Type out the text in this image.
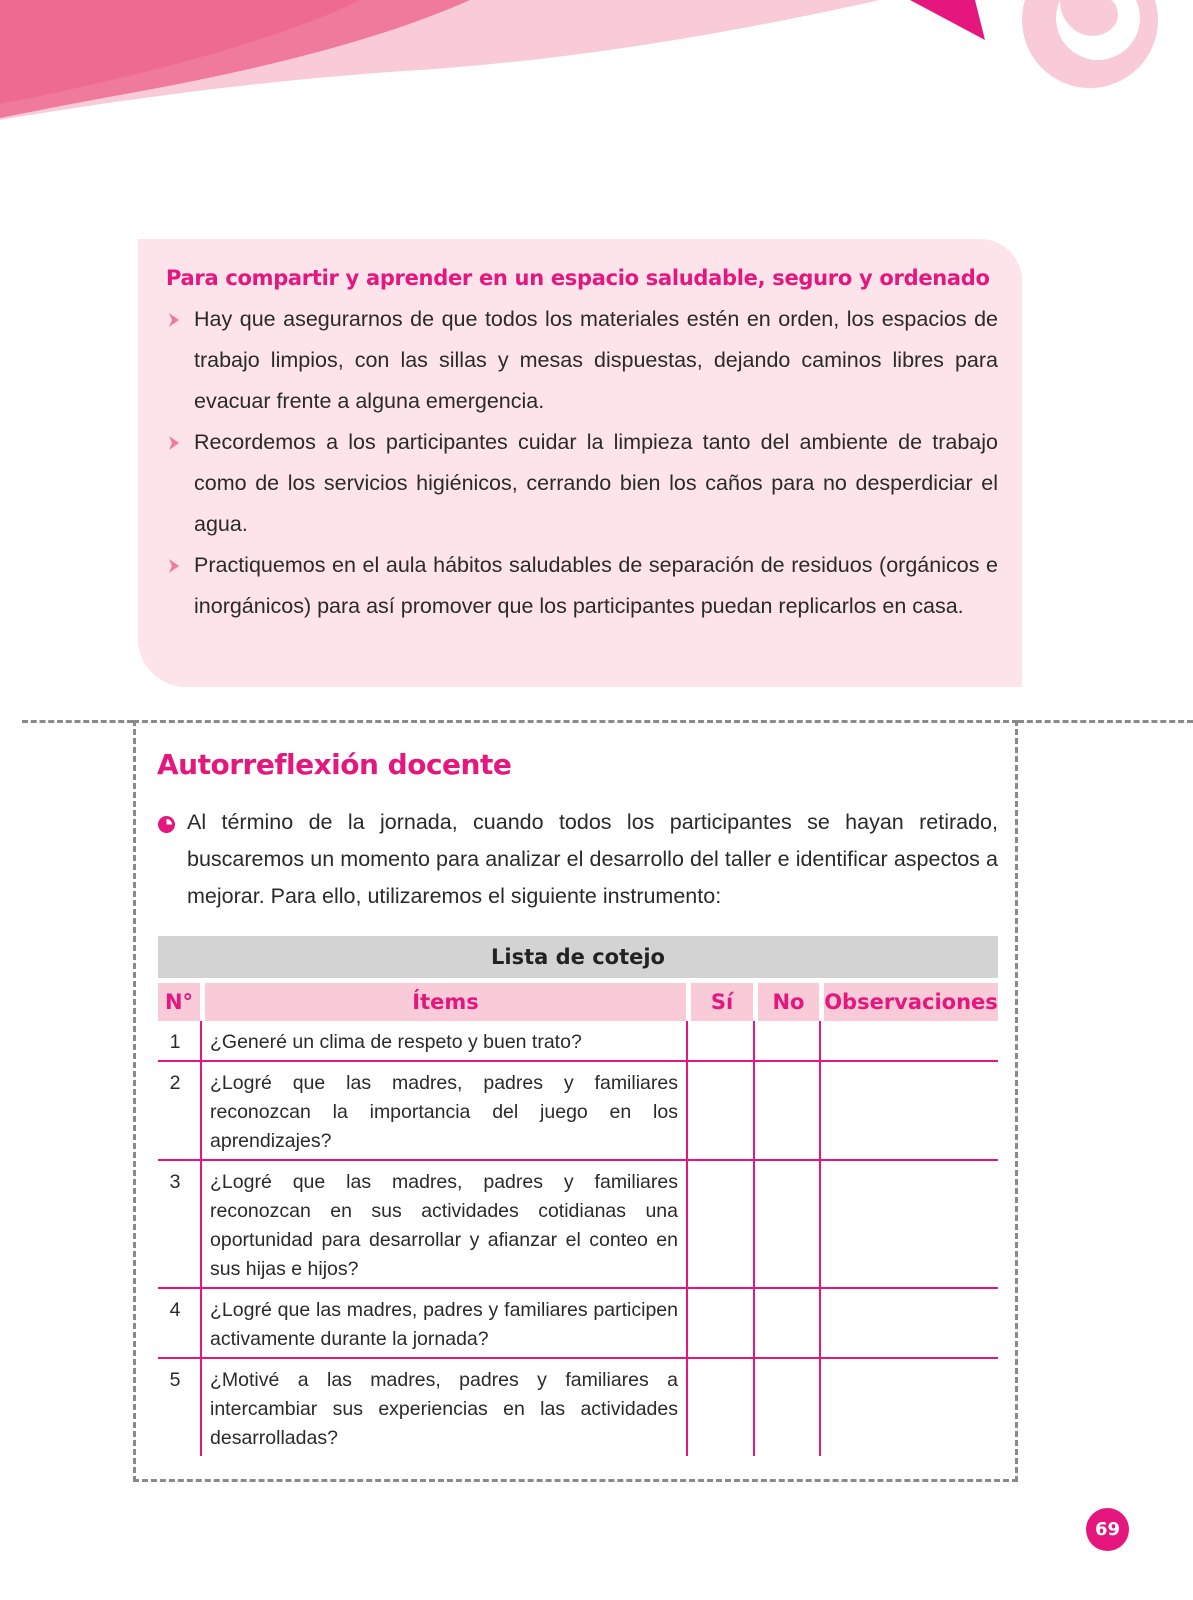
Para compartir y aprender en un espacio saludable, seguro y ordenado
Hay que asegurarnos de que todos los materiales estén en orden, los espacios de trabajo limpios, con las sillas y mesas dispuestas, dejando caminos libres para evacuar frente a alguna emergencia.
Recordemos a los participantes cuidar la limpieza tanto del ambiente de trabajo como de los servicios higiénicos, cerrando bien los caños para no desperdiciar el agua.
Practiquemos en el aula hábitos saludables de separación de residuos (orgánicos e inorgánicos) para así promover que los participantes puedan replicarlos en casa.
Autorreflexión docente

Al término de la jornada, cuando todos los participantes se hayan retirado, buscaremos un momento para analizar el desarrollo del taller e identificar aspectos a mejorar. Para ello, utilizaremos el siguiente instrumento:

Lista de cotejo				
N°	Ítems	Sí	No	Observaciones
1	¿Generé un clima de respeto y buen trato?			
2	¿Logré que las madres, padres y familiares reconozcan la importancia del juego en los aprendizajes?			
3	¿Logré que las madres, padres y familiares reconozcan en sus actividades cotidianas una oportunidad para desarrollar y afianzar el conteo en sus hijas e hijos?			
4	¿Logré que las madres, padres y familiares participen activamente durante la jornada?			
5	¿Motivé a las madres, padres y familiares a intercambiar sus experiencias en las actividades desarrolladas?			
69
